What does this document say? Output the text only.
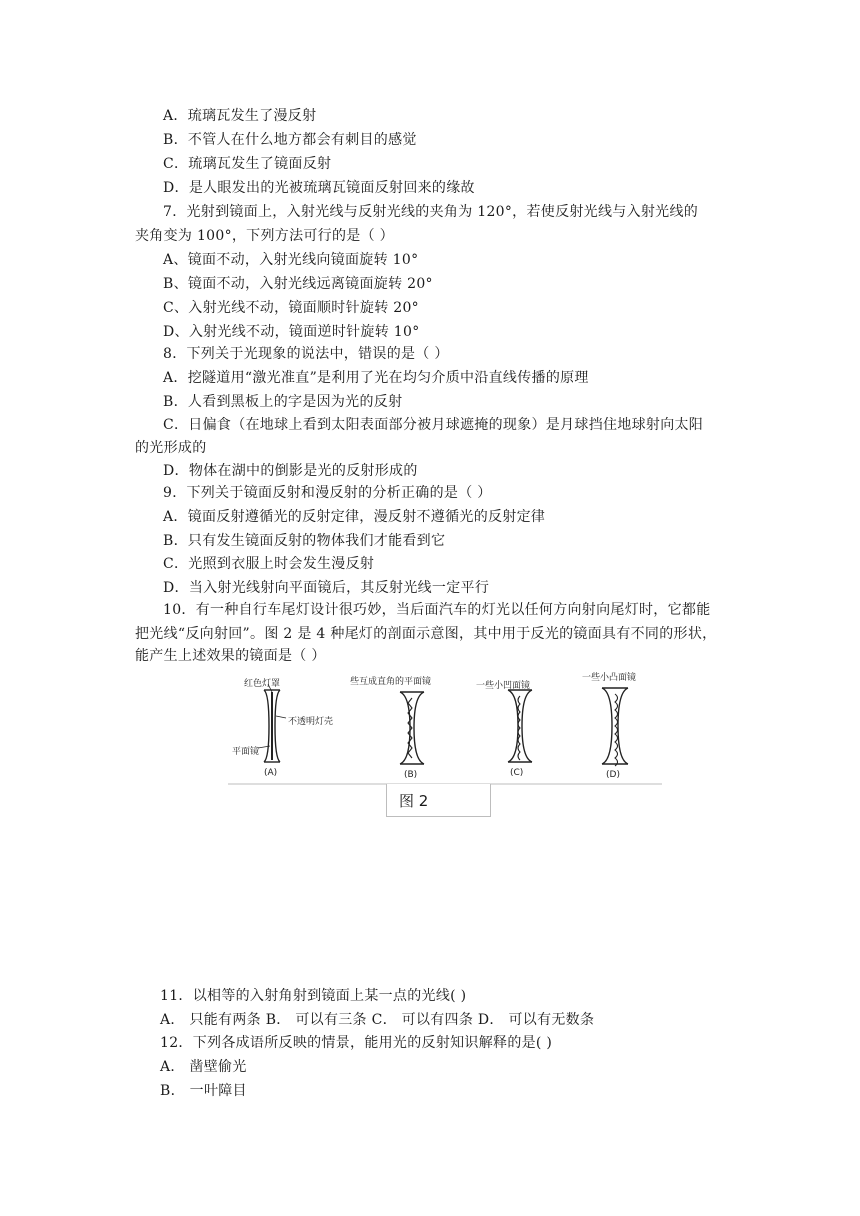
A．琉璃瓦发生了漫反射
B．不管人在什么地方都会有刺目的感觉
C．琉璃瓦发生了镜面反射
D．是人眼发出的光被琉璃瓦镜面反射回来的缘故
7．光射到镜面上，入射光线与反射光线的夹角为 120°，若使反射光线与入射光线的
夹角变为 100°，下列方法可行的是（ ）
A、镜面不动，入射光线向镜面旋转 10°
B、镜面不动，入射光线远离镜面旋转 20°
C、入射光线不动，镜面顺时针旋转 20°
D、入射光线不动，镜面逆时针旋转 10°
8．下列关于光现象的说法中，错误的是（ ）
A．挖隧道用“激光准直”是利用了光在均匀介质中沿直线传播的原理
B．人看到黑板上的字是因为光的反射
C．日偏食（在地球上看到太阳表面部分被月球遮掩的现象）是月球挡住地球射向太阳
的光形成的
D．物体在湖中的倒影是光的反射形成的
9．下列关于镜面反射和漫反射的分析正确的是（ ）
A．镜面反射遵循光的反射定律，漫反射不遵循光的反射定律
B．只有发生镜面反射的物体我们才能看到它
C．光照到衣服上时会发生漫反射
D．当入射光线射向平面镜后，其反射光线一定平行
10．有一种自行车尾灯设计很巧妙，当后面汽车的灯光以任何方向射向尾灯时，它都能
把光线“反向射回”。图 2 是 4 种尾灯的剖面示意图，其中用于反光的镜面具有不同的形状，
能产生上述效果的镜面是（ ）
红色灯罩
不透明灯壳
平面镜
些互成直角的平面镜	一些小凹面镜
一些小凸面镜
(A)	(B)	(C)	(D)
图 2
11．以相等的入射角射到镜面上某一点的光线( )
A． 只能有两条 B． 可以有三条 C． 可以有四条 D． 可以有无数条
12．下列各成语所反映的情景，能用光的反射知识解释的是( )
A． 凿壁偷光
B． 一叶障目
